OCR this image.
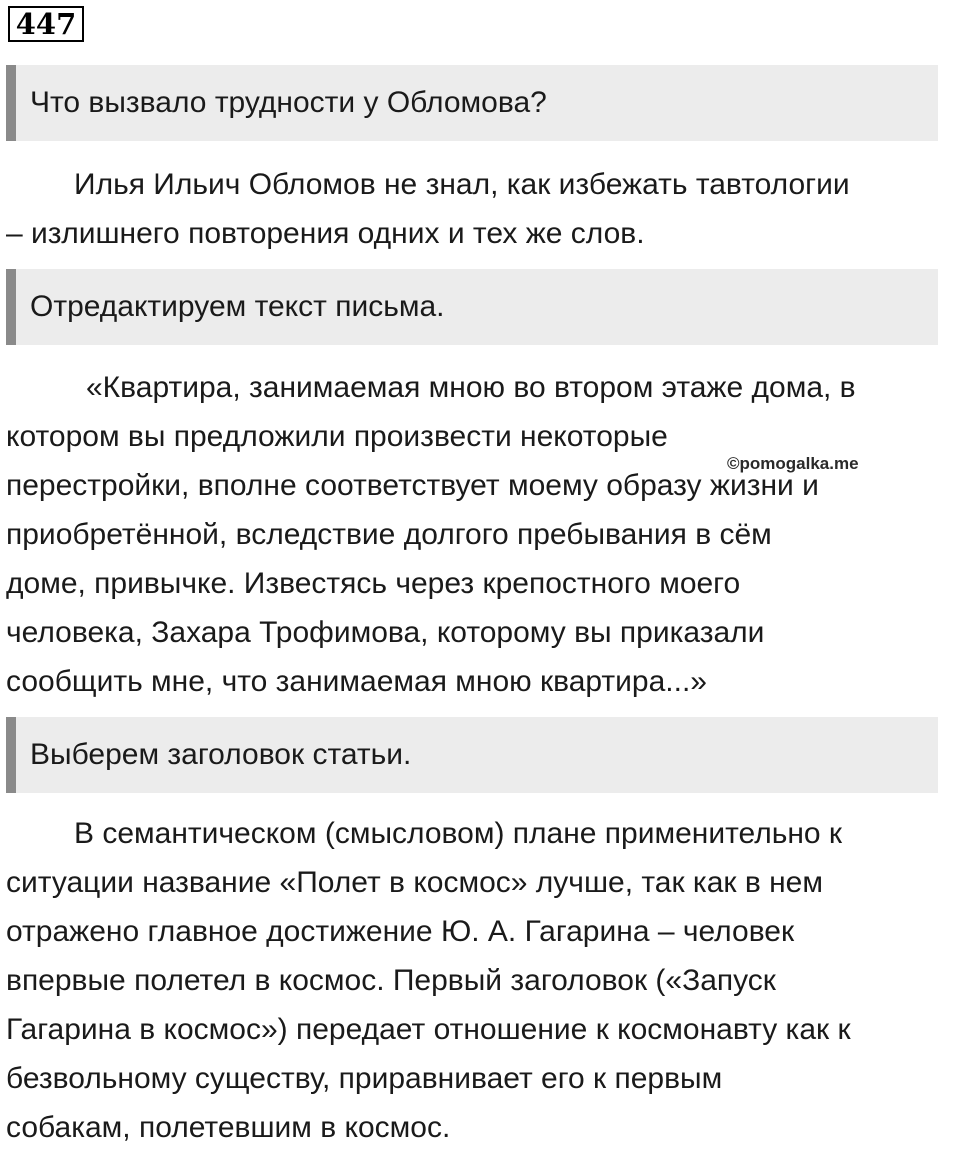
447
Что вызвало трудности у Обломова?
Илья Ильич Обломов не знал, как избежать тавтологии
– излишнего повторения одних и тех же слов.
Отредактируем текст письма.
«Квартира, занимаемая мною во втором этаже дома, в
котором вы предложили произвести некоторые
перестройки, вполне соответствует моему образу жизни и
приобретённой, вследствие долгого пребывания в сём
доме, привычке. Известясь через крепостного моего
человека, Захара Трофимова, которому вы приказали
сообщить мне, что занимаемая мною квартира...»
©pomogalka.me
Выберем заголовок статьи.
В семантическом (смысловом) плане применительно к
ситуации название «Полет в космос» лучше, так как в нем
отражено главное достижение Ю. А. Гагарина – человек
впервые полетел в космос. Первый заголовок («Запуск
Гагарина в космос») передает отношение к космонавту как к
безвольному существу, приравнивает его к первым
собакам, полетевшим в космос.
